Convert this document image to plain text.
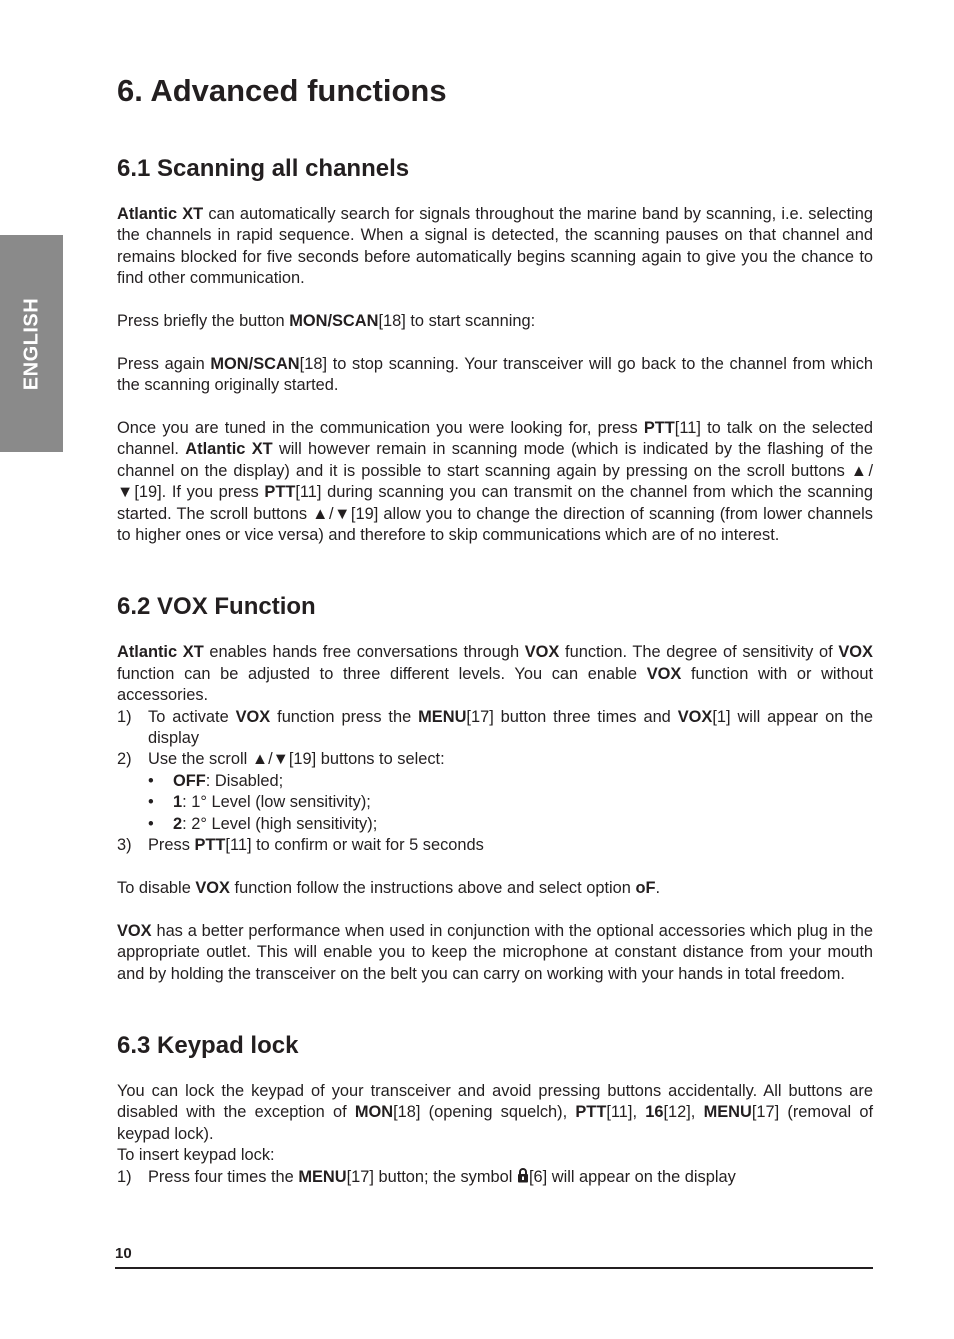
ENGLISH
6. Advanced functions
6.1 Scanning all channels

Atlantic XT can automatically search for signals throughout the marine band by scanning, i.e. selecting the channels in rapid sequence. When a signal is detected, the scanning pauses on that channel and remains blocked for five seconds before automatically begins scanning again to give you the chance to find other communication.

Press briefly the button MON/SCAN[18] to start scanning:

Press again MON/SCAN[18] to stop scanning. Your transceiver will go back to the channel from which the scanning originally started.

Once you are tuned in the communication you were looking for, press PTT[11] to talk on the selected channel. Atlantic XT will however remain in scanning mode (which is indicated by the flashing of the channel on the display) and it is possible to start scanning again by pressing on the scroll buttons ▲/▼[19]. If you press PTT[11] during scanning you can transmit on the channel from which the scanning started. The scroll buttons ▲/▼[19] allow you to change the direction of scanning (from lower channels to higher ones or vice versa) and therefore to skip communications which are of no interest.

6.2 VOX Function

Atlantic XT enables hands free conversations through VOX function. The degree of sensitivity of VOX function can be adjusted to three different levels. You can enable VOX function with or without accessories.

1) To activate VOX function press the MENU[17] button three times and VOX[1] will appear on the display
2) Use the scroll ▲/▼[19] buttons to select:
• OFF: Disabled;
• 1: 1° Level (low sensitivity);
• 2: 2° Level (high sensitivity);
3) Press PTT[11] to confirm or wait for 5 seconds

To disable VOX function follow the instructions above and select option oF.

VOX has a better performance when used in conjunction with the optional accessories which plug in the appropriate outlet. This will enable you to keep the microphone at constant distance from your mouth and by holding the transceiver on the belt you can carry on working with your hands in total freedom.

6.3 Keypad lock

You can lock the keypad of your transceiver and avoid pressing buttons accidentally. All buttons are disabled with the exception of MON[18] (opening squelch), PTT[11], 16[12], MENU[17] (removal of keypad lock).

To insert keypad lock:

1) Press four times the MENU[17] button; the symbol [6] will appear on the display
10
